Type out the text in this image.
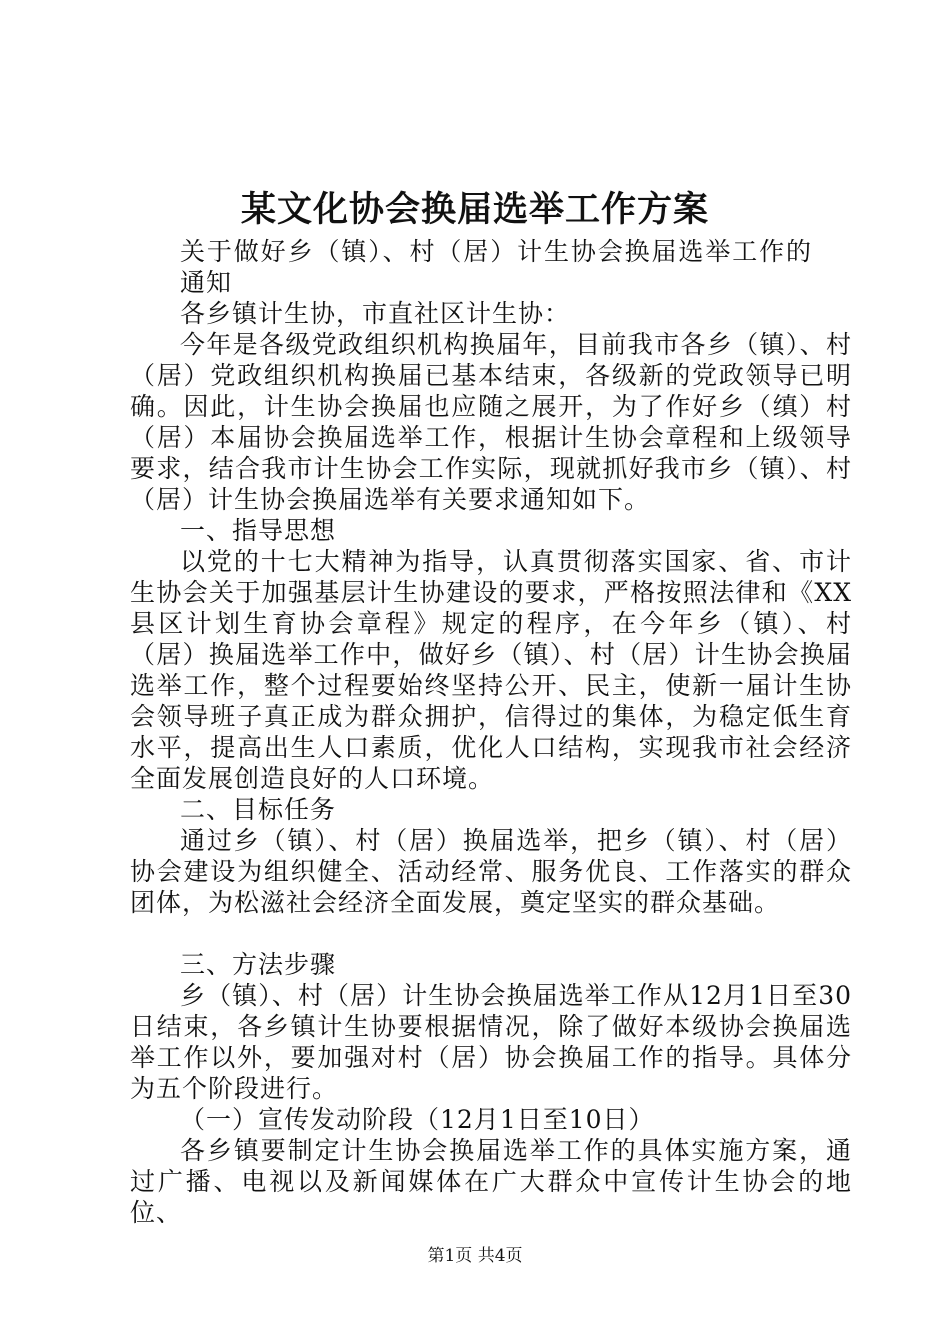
某文化协会换届选举工作方案

关于做好乡（镇）、村（居）计生协会换届选举工作的通知

各乡镇计生协，市直社区计生协：

今年是各级党政组织机构换届年，目前我市各乡（镇）、村（居）党政组织机构换届已基本结束，各级新的党政领导已明确。因此，计生协会换届也应随之展开，为了作好乡（缜）村（居）本届协会换届选举工作，根据计生协会章程和上级领导要求，结合我市计生协会工作实际，现就抓好我市乡（镇）、村（居）计生协会换届选举有关要求通知如下。

一、指导思想

以党的十七大精神为指导，认真贯彻落实国家、省、市计生协会关于加强基层计生协建设的要求，严格按照法律和《XX县区计划生育协会章程》规定的程序，在今年乡（镇）、村（居）换届选举工作中，做好乡（镇）、村（居）计生协会换届选举工作，整个过程要始终坚持公开、民主，使新一届计生协会领导班子真正成为群众拥护，信得过的集体，为稳定低生育水平，提高出生人口素质，优化人口结构，实现我市社会经济全面发展创造良好的人口环境。

二、目标任务

通过乡（镇）、村（居）换届选举，把乡（镇）、村（居）协会建设为组织健全、活动经常、服务优良、工作落实的群众团体，为松滋社会经济全面发展，奠定坚实的群众基础。

三、方法步骤

乡（镇）、村（居）计生协会换届选举工作从12月1日至30日结束，各乡镇计生协要根据情况，除了做好本级协会换届选举工作以外，要加强对村（居）协会换届工作的指导。具体分为五个阶段进行。

（一）宣传发动阶段（12月1日至10日）

各乡镇要制定计生协会换届选举工作的具体实施方案，通过广播、电视以及新闻媒体在广大群众中宣传计生协会的地位、

第1页 共4页
